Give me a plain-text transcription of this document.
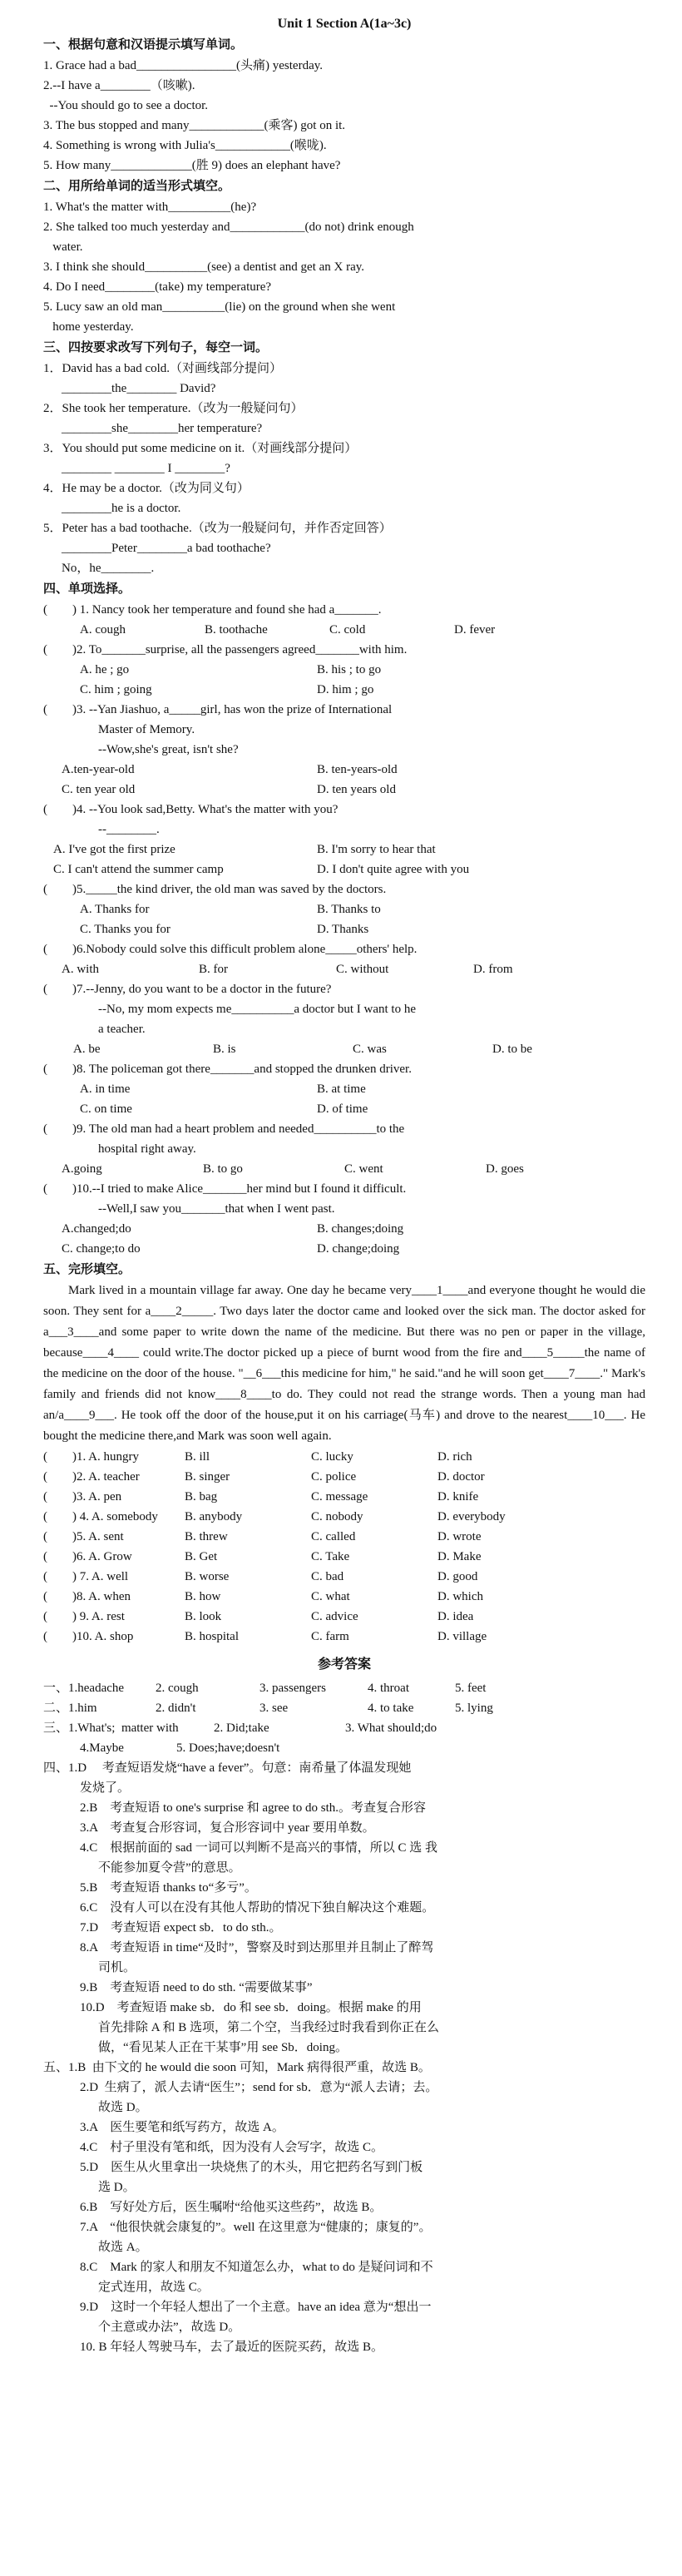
Unit 1 Section A(1a~3c)
一、根据句意和汉语提示填写单词。
1. Grace had a bad________________(头痛) yesterday.
2.--I have a________（咳嗽).
--You should go to see a doctor.
3. The bus stopped and many____________(乘客) got on it.
4. Something is wrong with Julia's____________(喉咙).
5. How many_____________(胜 9) does an elephant have?
二、用所给单词的适当形式填空。
1. What's the matter with__________(he)?
2. She talked too much yesterday and____________(do not) drink enough
water.
3. I think she should__________(see) a dentist and get an X ray.
4. Do I need________(take) my temperature?
5. Lucy saw an old man__________(lie) on the ground when she went
home yesterday.
三、四按要求改写下列句子，每空一词。
1．David has a bad cold.（对画线部分提问）
________the________ David?
2．She took her temperature.（改为一般疑问句）
________she________her temperature?
3．You should put some medicine on it.（对画线部分提问）
________ ________ I ________?
4．He may be a doctor.（改为同义句）
________he is a doctor.
5．Peter has a bad toothache.（改为一般疑问句，并作否定回答）
________Peter________a bad toothache?
No，he________.
四、单项选择。
(        ) 1. Nancy took her temperature and found she had a_______.
A. cough	B. toothache	C. cold	D. fever
(        )2. To_______surprise, all the passengers agreed_______with him.
A. he ; go	B. his ; to go
C. him ; going	D. him ; go
(        )3. --Yan Jiashuo, a_____girl, has won the prize of International
Master of Memory.
--Wow,she's great, isn't she?
A.ten-year-old	B. ten-years-old
C. ten year old	D. ten years old
(        )4. --You look sad,Betty. What's the matter with you?
--________.
A. I've got the first prize	B. I'm sorry to hear that
C. I can't attend the summer camp	D. I don't quite agree with you
(        )5._____the kind driver, the old man was saved by the doctors.
A. Thanks for	B. Thanks to
C. Thanks you for	D. Thanks
(        )6.Nobody could solve this difficult problem alone_____others' help.
A. with	B. for	C. without	D. from
(        )7.--Jenny, do you want to be a doctor in the future?
--No, my mom expects me__________a doctor but I want to he
a teacher.
A. be	B. is	C. was	D. to be
(        )8. The policeman got there_______and stopped the drunken driver.
A. in time	B. at time
C. on time	D. of time
(        )9. The old man had a heart problem and needed__________to the
hospital right away.
A.going	B. to go	C. went	D. goes
(        )10.--I tried to make Alice_______her mind but I found it difficult.
--Well,I saw you_______that when I went past.
A.changed;do	B. changes;doing
C. change;to do	D. change;doing
五、完形填空。
Mark lived in a mountain village far away. One day he became very____1____and everyone thought he would die soon. They sent for a____2_____. Two days later the doctor came and looked over the sick man. The doctor asked for a___3____and some paper to write down the name of the medicine. But there was no pen or paper in the village, because____4____ could write.The doctor picked up a piece of burnt wood from the fire and____5_____the name of the medicine on the door of the house. "__6___this medicine for him," he said."and he will soon get____7____." Mark's family and friends did not know____8____to do. They could not read the strange words. Then a young man had an/a____9___. He took off the door of the house,put it on his carriage(马车) and drove to the nearest____10___. He bought the medicine there,and Mark was soon well again.
(        )1. A. hungry	B. ill	C. lucky	D. rich
(        )2. A. teacher	B. singer	C. police	D. doctor
(        )3. A. pen	B. bag	C. message	D. knife
(        ) 4. A. somebody	B. anybody	C. nobody	D. everybody
(        )5. A. sent	B. threw	C. called	D. wrote
(        )6. A. Grow	B. Get	C. Take	D. Make
(        ) 7. A. well	B. worse	C. bad	D. good
(        )8. A. when	B. how	C. what	D. which
(        ) 9. A. rest	B. look	C. advice	D. idea
(        )10. A. shop	B. hospital	C. farm	D. village
参考答案
一、1.headache	2. cough	3. passengers	4. throat	5. feet
二、1.him	2. didn't	3. see	4. to take	5. lying
三、1.What's;  matter with	2. Did;take	3. What should;do
4.Maybe	5. Does;have;doesn't
四、1.D     考查短语发烧“have a fever”。句意：南希量了体温发现她
发烧了。
2.B    考查短语 to one's surprise 和 agree to do sth.。考查复合形容
3.A    考查复合形容词，复合形容词中 year 要用单数。
4.C    根据前面的 sad 一词可以判断不是高兴的事情，所以 C 选 我
不能参加夏令营”的意思。
5.B    考查短语 thanks to“多亏”。
6.C    没有人可以在没有其他人帮助的情况下独自解决这个难题。
7.D    考查短语 expect sb．to do sth.。
8.A    考查短语 in time“及时”，警察及时到达那里并且制止了醉驾
司机。
9.B    考查短语 need to do sth. “需要做某事”
10.D    考查短语 make sb．do 和 see sb．doing。根据 make 的用
首先排除 A 和 B 选项，第二个空，当我经过时我看到你正在么
做，“看见某人正在干某事”用 see Sb．doing。
五、1.B  由下文的 he would die soon 可知，Mark 病得很严重，故选 B。
2.D  生病了，派人去请“医生”；send for sb．意为“派人去请；去。
故选 D。
3.A    医生要笔和纸写药方，故选 A。
4.C    村子里没有笔和纸，因为没有人会写字，故选 C。
5.D    医生从火里拿出一块烧焦了的木头，用它把药名写到门板
选 D。
6.B    写好处方后，医生嘱咐“给他买这些药”，故选 B。
7.A    “他很快就会康复的”。well 在这里意为“健康的；康复的”。
故选 A。
8.C    Mark 的家人和朋友不知道怎么办，what to do 是疑问词和不
定式连用，故选 C。
9.D    这时一个年轻人想出了一个主意。have an idea 意为“想出一
个主意或办法”，故选 D。
10. B 年轻人驾驶马车，去了最近的医院买药，故选 B。
